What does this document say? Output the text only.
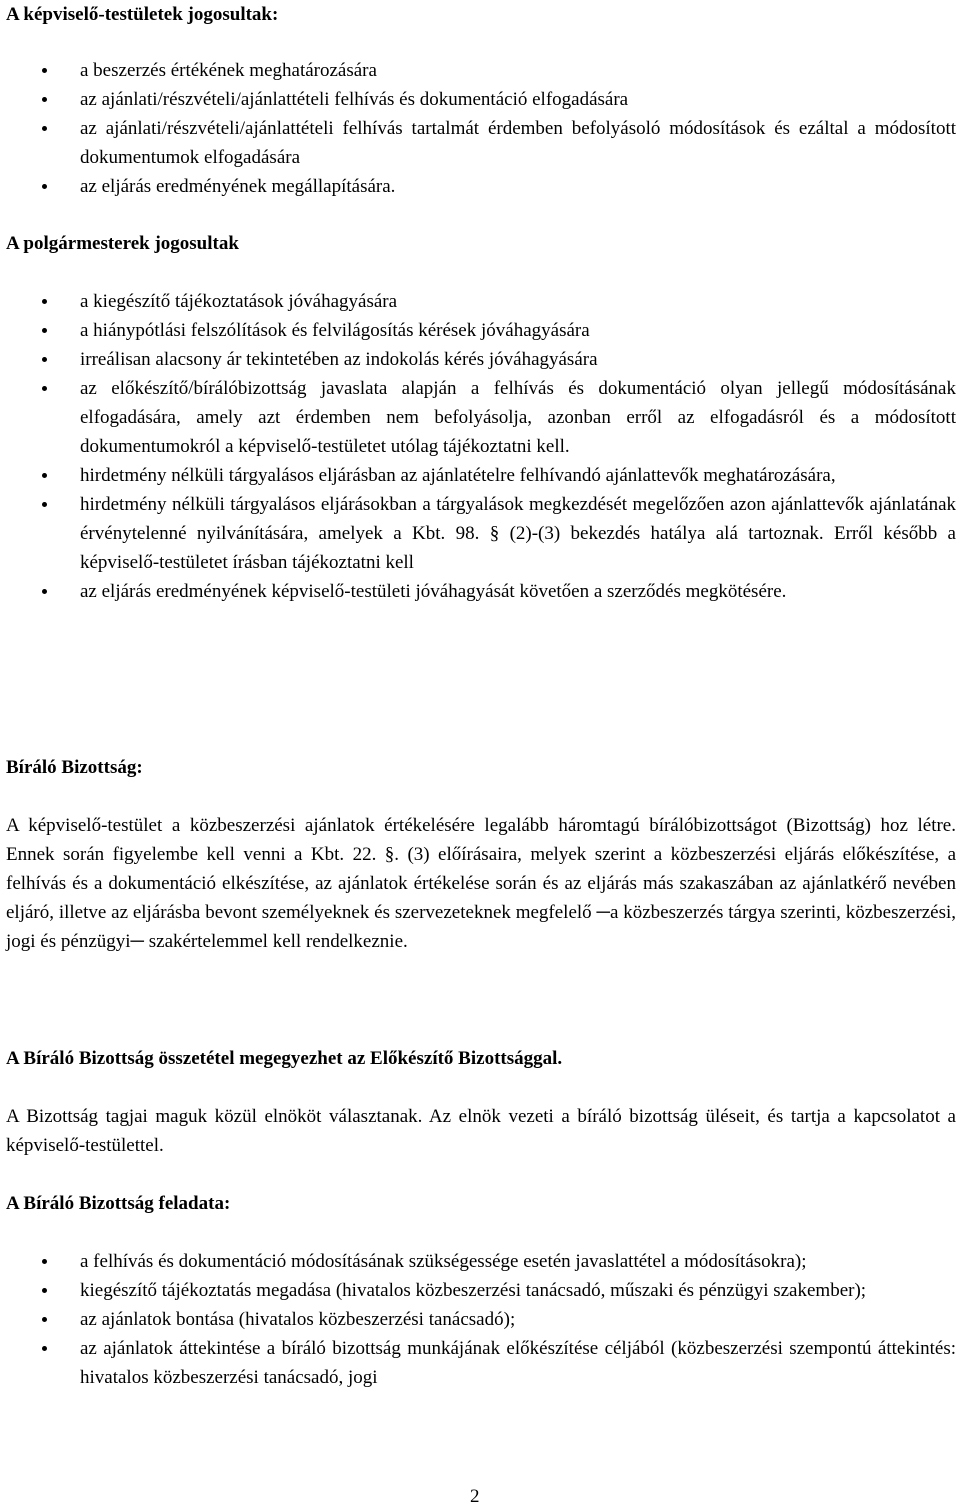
A képviselő-testületek jogosultak:
a beszerzés értékének meghatározására
az ajánlati/részvételi/ajánlattételi felhívás és dokumentáció elfogadására
az ajánlati/részvételi/ajánlattételi felhívás tartalmát érdemben befolyásoló módosítások és ezáltal a módosított dokumentumok elfogadására
az eljárás eredményének megállapítására.
A polgármesterek jogosultak
a kiegészítő tájékoztatások jóváhagyására
a hiánypótlási felszólítások és felvilágosítás kérések jóváhagyására
irreálisan alacsony ár tekintetében az indokolás kérés jóváhagyására
az előkészítő/bírálóbizottság javaslata alapján a felhívás és dokumentáció olyan jellegű módosításának elfogadására, amely azt érdemben nem befolyásolja, azonban erről az elfogadásról és a módosított dokumentumokról a képviselő-testületet utólag tájékoztatni kell.
hirdetmény nélküli tárgyalásos eljárásban az ajánlatételre felhívandó ajánlattevők meghatározására,
hirdetmény nélküli tárgyalásos eljárásokban a tárgyalások megkezdését megelőzően azon ajánlattevők ajánlatának érvénytelenné nyilvánítására, amelyek a Kbt. 98. § (2)-(3) bekezdés hatálya alá tartoznak. Erről később a képviselő-testületet írásban tájékoztatni kell
az eljárás eredményének képviselő-testületi jóváhagyását követően a szerződés megkötésére.
Bíráló Bizottság:

A képviselő-testület a közbeszerzési ajánlatok értékelésére legalább háromtagú bírálóbizottságot (Bizottság) hoz létre. Ennek során figyelembe kell venni a Kbt. 22. §. (3) előírásaira, melyek szerint a közbeszerzési eljárás előkészítése, a felhívás és a dokumentáció elkészítése, az ajánlatok értékelése során és az eljárás más szakaszában az ajánlatkérő nevében eljáró, illetve az eljárásba bevont személyeknek és szervezeteknek megfelelő ─a közbeszerzés tárgya szerinti, közbeszerzési, jogi és pénzügyi─ szakértelemmel kell rendelkeznie.

A Bíráló Bizottság összetétel megegyezhet az Előkészítő Bizottsággal.

A Bizottság tagjai maguk közül elnököt választanak. Az elnök vezeti a bíráló bizottság üléseit, és tartja a kapcsolatot a képviselő-testülettel.

A Bíráló Bizottság feladata:
a felhívás és dokumentáció módosításának szükségessége esetén javaslattétel a módosításokra);
kiegészítő tájékoztatás megadása (hivatalos közbeszerzési tanácsadó, műszaki és pénzügyi szakember);
az ajánlatok bontása (hivatalos közbeszerzési tanácsadó);
az ajánlatok áttekintése a bíráló bizottság munkájának előkészítése céljából (közbeszerzési szempontú áttekintés: hivatalos közbeszerzési tanácsadó, jogi
2
